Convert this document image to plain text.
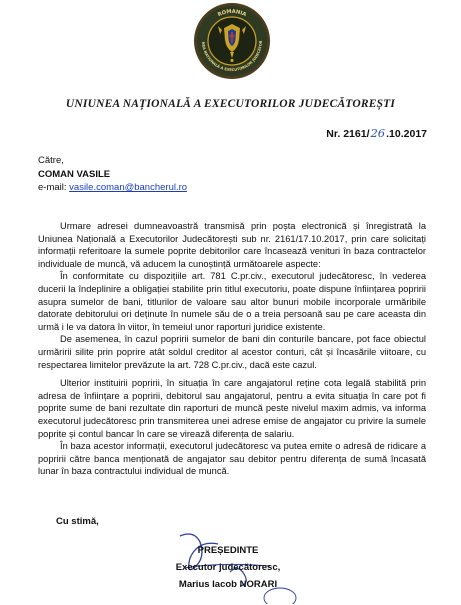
ROMANIA
NEA NAȚIONALĂ A EXECUTORILOR JUDECĂTOR
UNIUNEA NAȚIONALĂ A EXECUTORILOR JUDECĂTOREȘTI
Nr. 2161/ 26 .10.2017
Către,
COMAN VASILE
e-mail: vasile.coman@bancherul.ro

Urmare adresei dumneavoastră transmisă prin poșta electronică și înregistrată la Uniunea Națională a Executorilor Judecătorești sub nr. 2161/17.10.2017, prin care solicitați informații referitoare la sumele poprite debitorilor care încasează venituri în baza contractelor individuale de muncă, vă aducem la cunoștință următoarele aspecte:

În conformitate cu dispozițiile art. 781 C.pr.civ., executorul judecătoresc, în vederea ducerii la îndeplinire a obligației stabilite prin titlul executoriu, poate dispune înființarea popririi asupra sumelor de bani, titlurilor de valoare sau altor bunuri mobile incorporale urmăribile datorate debitorului ori deținute în numele său de o a treia persoană sau pe care aceasta din urmă i le va datora în viitor, în temeiul unor raporturi juridice existente.

De asemenea, în cazul popririi sumelor de bani din conturile bancare, pot face obiectul urmăririi silite prin poprire atât soldul creditor al acestor conturi, cât și încasările viitoare, cu respectarea limitelor prevăzute la art. 728 C.pr.civ., dacă este cazul.

Ulterior instituirii popririi, în situația în care angajatorul reține cota legală stabilită prin adresa de înființare a popririi, debitorul sau angajatorul, pentru a evita situația în care pot fi poprite sume de bani rezultate din raporturi de muncă peste nivelul maxim admis, va informa executorul judecătoresc prin transmiterea unei adrese emise de angajator cu privire la sumele poprite și contul bancar în care se virează diferența de salariu.

În baza acestor informații, executorul judecătoresc va putea emite o adresă de ridicare a popririi către banca menționată de angajator sau debitor pentru diferența de sumă încasată lunar în baza contractului individual de muncă.

Cu stimă,
PREȘEDINTE
Executor judecătoresc,
Marius Iacob NORARI
